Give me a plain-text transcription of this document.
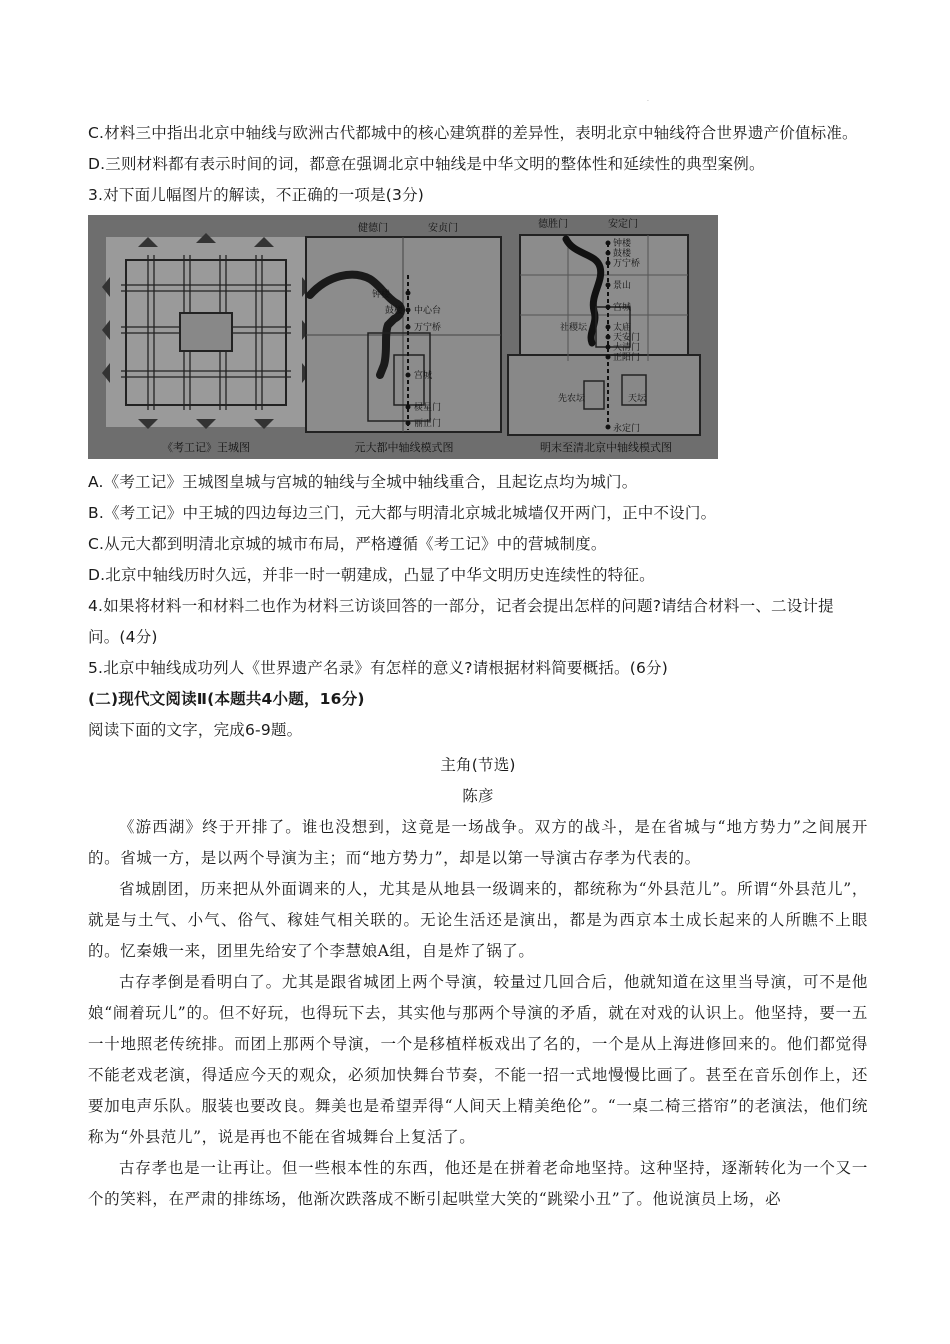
·
C.材料三中指出北京中轴线与欧洲古代都城中的核心建筑群的差异性，表明北京中轴线符合世界遗产价值标准。
D.三则材料都有表示时间的词，都意在强调北京中轴线是中华文明的整体性和延续性的典型案例。
3.对下面儿幅图片的解读，不正确的一项是(3分)
《考工记》王城图
健德门	安贞门
钟楼
鼓楼 中心台
万宁桥
宫城
棂星门
丽正门
元大都中轴线模式图
德胜门	安定门
钟楼
鼓楼
万宁桥
景山
宫城
社稷坛	太庙
天安门
大清门
正阳门
先农坛	天坛
永定门
明末至清北京中轴线模式图
A.《考工记》王城图皇城与宫城的轴线与全城中轴线重合，且起讫点均为城门。
B.《考工记》中王城的四边每边三门，元大都与明清北京城北城墙仅开两门，正中不设门。
C.从元大都到明清北京城的城市布局，严格遵循《考工记》中的营城制度。
D.北京中轴线历时久远，并非一时一朝建成，凸显了中华文明历史连续性的特征。
4.如果将材料一和材料二也作为材料三访谈回答的一部分，记者会提出怎样的问题?请结合材料一、二设计提问。(4分)
5.北京中轴线成功列人《世界遗产名录》有怎样的意义?请根据材料简要概括。(6分)
(二)现代文阅读Ⅱ(本题共4小题，16分)
阅读下面的文字，完成6-9题。
主角(节选)
陈彦
《游西湖》终于开排了。谁也没想到，这竟是一场战争。双方的战斗，是在省城与“地方势力”之间展开的。省城一方，是以两个导演为主；而“地方势力”，却是以第一导演古存孝为代表的。
省城剧团，历来把从外面调来的人，尤其是从地县一级调来的，都统称为“外县范儿”。所谓“外县范儿”，就是与土气、小气、俗气、稼娃气相关联的。无论生活还是演出，都是为西京本土成长起来的人所瞧不上眼的。忆秦娥一来，团里先给安了个李慧娘A组，自是炸了锅了。
古存孝倒是看明白了。尤其是跟省城团上两个导演，较量过几回合后，他就知道在这里当导演，可不是他娘“闹着玩儿”的。但不好玩，也得玩下去，其实他与那两个导演的矛盾，就在对戏的认识上。他坚持，要一五一十地照老传统排。而团上那两个导演，一个是移植样板戏出了名的，一个是从上海进修回来的。他们都觉得不能老戏老演，得适应今天的观众，必须加快舞台节奏，不能一招一式地慢慢比画了。甚至在音乐创作上，还要加电声乐队。服装也要改良。舞美也是希望弄得“人间天上精美绝伦”。“一桌二椅三搭帘”的老演法，他们统称为“外县范儿”，说是再也不能在省城舞台上复活了。
古存孝也是一让再让。但一些根本性的东西，他还是在拼着老命地坚持。这种坚持，逐渐转化为一个又一个的笑料，在严肃的排练场，他渐次跌落成不断引起哄堂大笑的“跳梁小丑”了。他说演员上场，必
